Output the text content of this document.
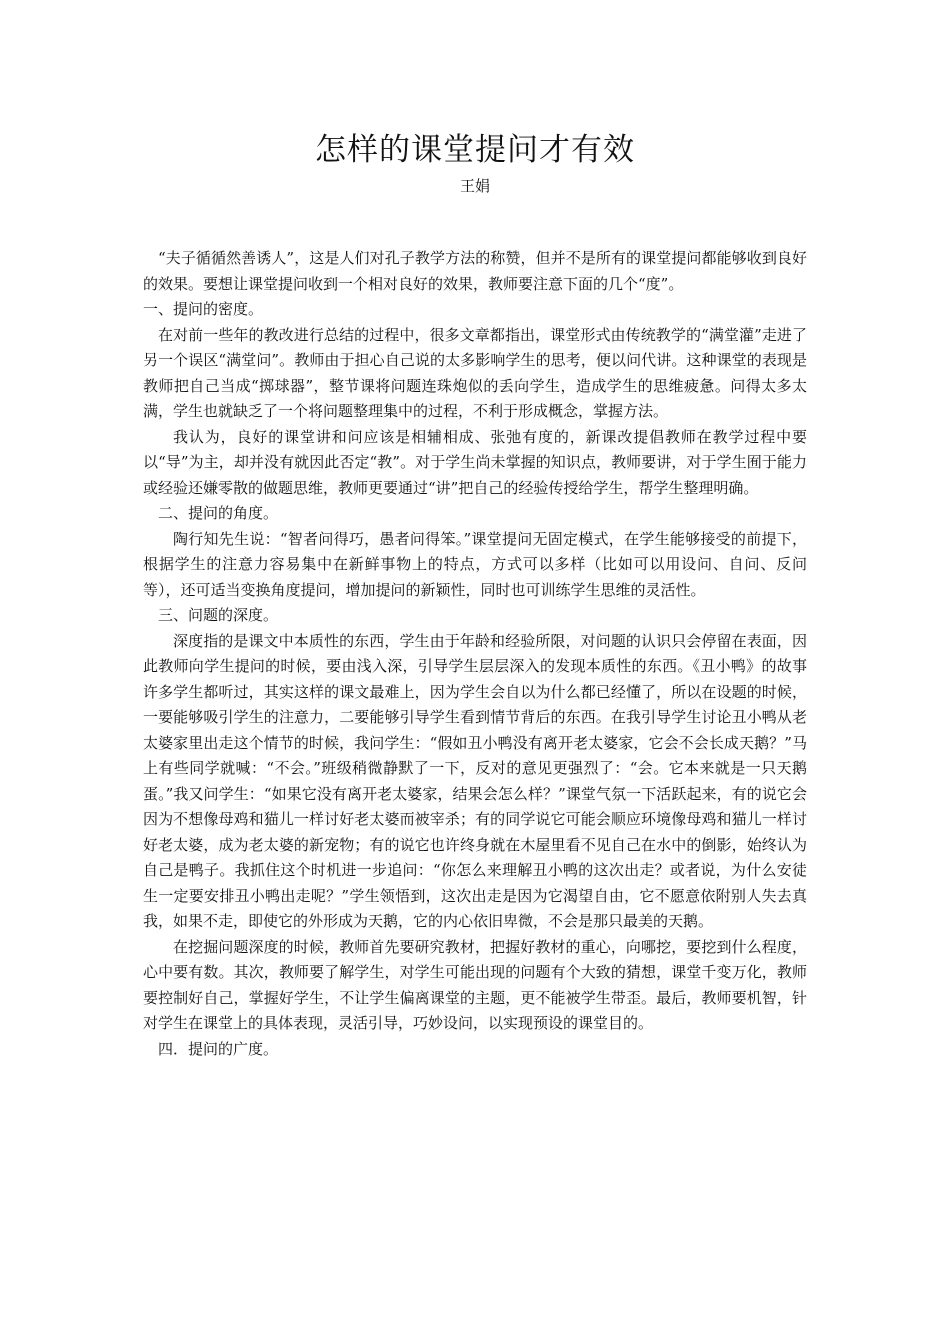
怎样的课堂提问才有效
王娟

“夫子循循然善诱人”，这是人们对孔子教学方法的称赞，但并不是所有的课堂提问都能够收到良好的效果。要想让课堂提问收到一个相对良好的效果，教师要注意下面的几个“度”。

一、提问的密度。

在对前一些年的教改进行总结的过程中，很多文章都指出，课堂形式由传统教学的“满堂灌”走进了另一个误区“满堂问”。教师由于担心自己说的太多影响学生的思考，便以问代讲。这种课堂的表现是教师把自己当成“掷球器”，整节课将问题连珠炮似的丢向学生，造成学生的思维疲惫。问得太多太满，学生也就缺乏了一个将问题整理集中的过程，不利于形成概念，掌握方法。

我认为，良好的课堂讲和问应该是相辅相成、张弛有度的，新课改提倡教师在教学过程中要以“导”为主，却并没有就因此否定“教”。对于学生尚未掌握的知识点，教师要讲，对于学生囿于能力或经验还嫌零散的做题思维，教师更要通过“讲”把自己的经验传授给学生，帮学生整理明确。

二、提问的角度。

陶行知先生说：“智者问得巧，愚者问得笨。”课堂提问无固定模式，在学生能够接受的前提下，根据学生的注意力容易集中在新鲜事物上的特点，方式可以多样（比如可以用设问、自问、反问等），还可适当变换角度提问，增加提问的新颖性，同时也可训练学生思维的灵活性。

三、问题的深度。

深度指的是课文中本质性的东西，学生由于年龄和经验所限，对问题的认识只会停留在表面，因此教师向学生提问的时候，要由浅入深，引导学生层层深入的发现本质性的东西。《丑小鸭》的故事许多学生都听过，其实这样的课文最难上，因为学生会自以为什么都已经懂了，所以在设题的时候，一要能够吸引学生的注意力，二要能够引导学生看到情节背后的东西。在我引导学生讨论丑小鸭从老太婆家里出走这个情节的时候，我问学生：“假如丑小鸭没有离开老太婆家，它会不会长成天鹅？”马上有些同学就喊：“不会。”班级稍微静默了一下，反对的意见更强烈了：“会。它本来就是一只天鹅蛋。”我又问学生：“如果它没有离开老太婆家，结果会怎么样？”课堂气氛一下活跃起来，有的说它会因为不想像母鸡和猫儿一样讨好老太婆而被宰杀；有的同学说它可能会顺应环境像母鸡和猫儿一样讨好老太婆，成为老太婆的新宠物；有的说它也许终身就在木屋里看不见自己在水中的倒影，始终认为自己是鸭子。我抓住这个时机进一步追问：“你怎么来理解丑小鸭的这次出走？或者说，为什么安徒生一定要安排丑小鸭出走呢？”学生领悟到，这次出走是因为它渴望自由，它不愿意依附别人失去真我，如果不走，即使它的外形成为天鹅，它的内心依旧卑微，不会是那只最美的天鹅。

在挖掘问题深度的时候，教师首先要研究教材，把握好教材的重心，向哪挖，要挖到什么程度，心中要有数。其次，教师要了解学生，对学生可能出现的问题有个大致的猜想，课堂千变万化，教师要控制好自己，掌握好学生，不让学生偏离课堂的主题，更不能被学生带歪。最后，教师要机智，针对学生在课堂上的具体表现，灵活引导，巧妙设问，以实现预设的课堂目的。

四．提问的广度。
